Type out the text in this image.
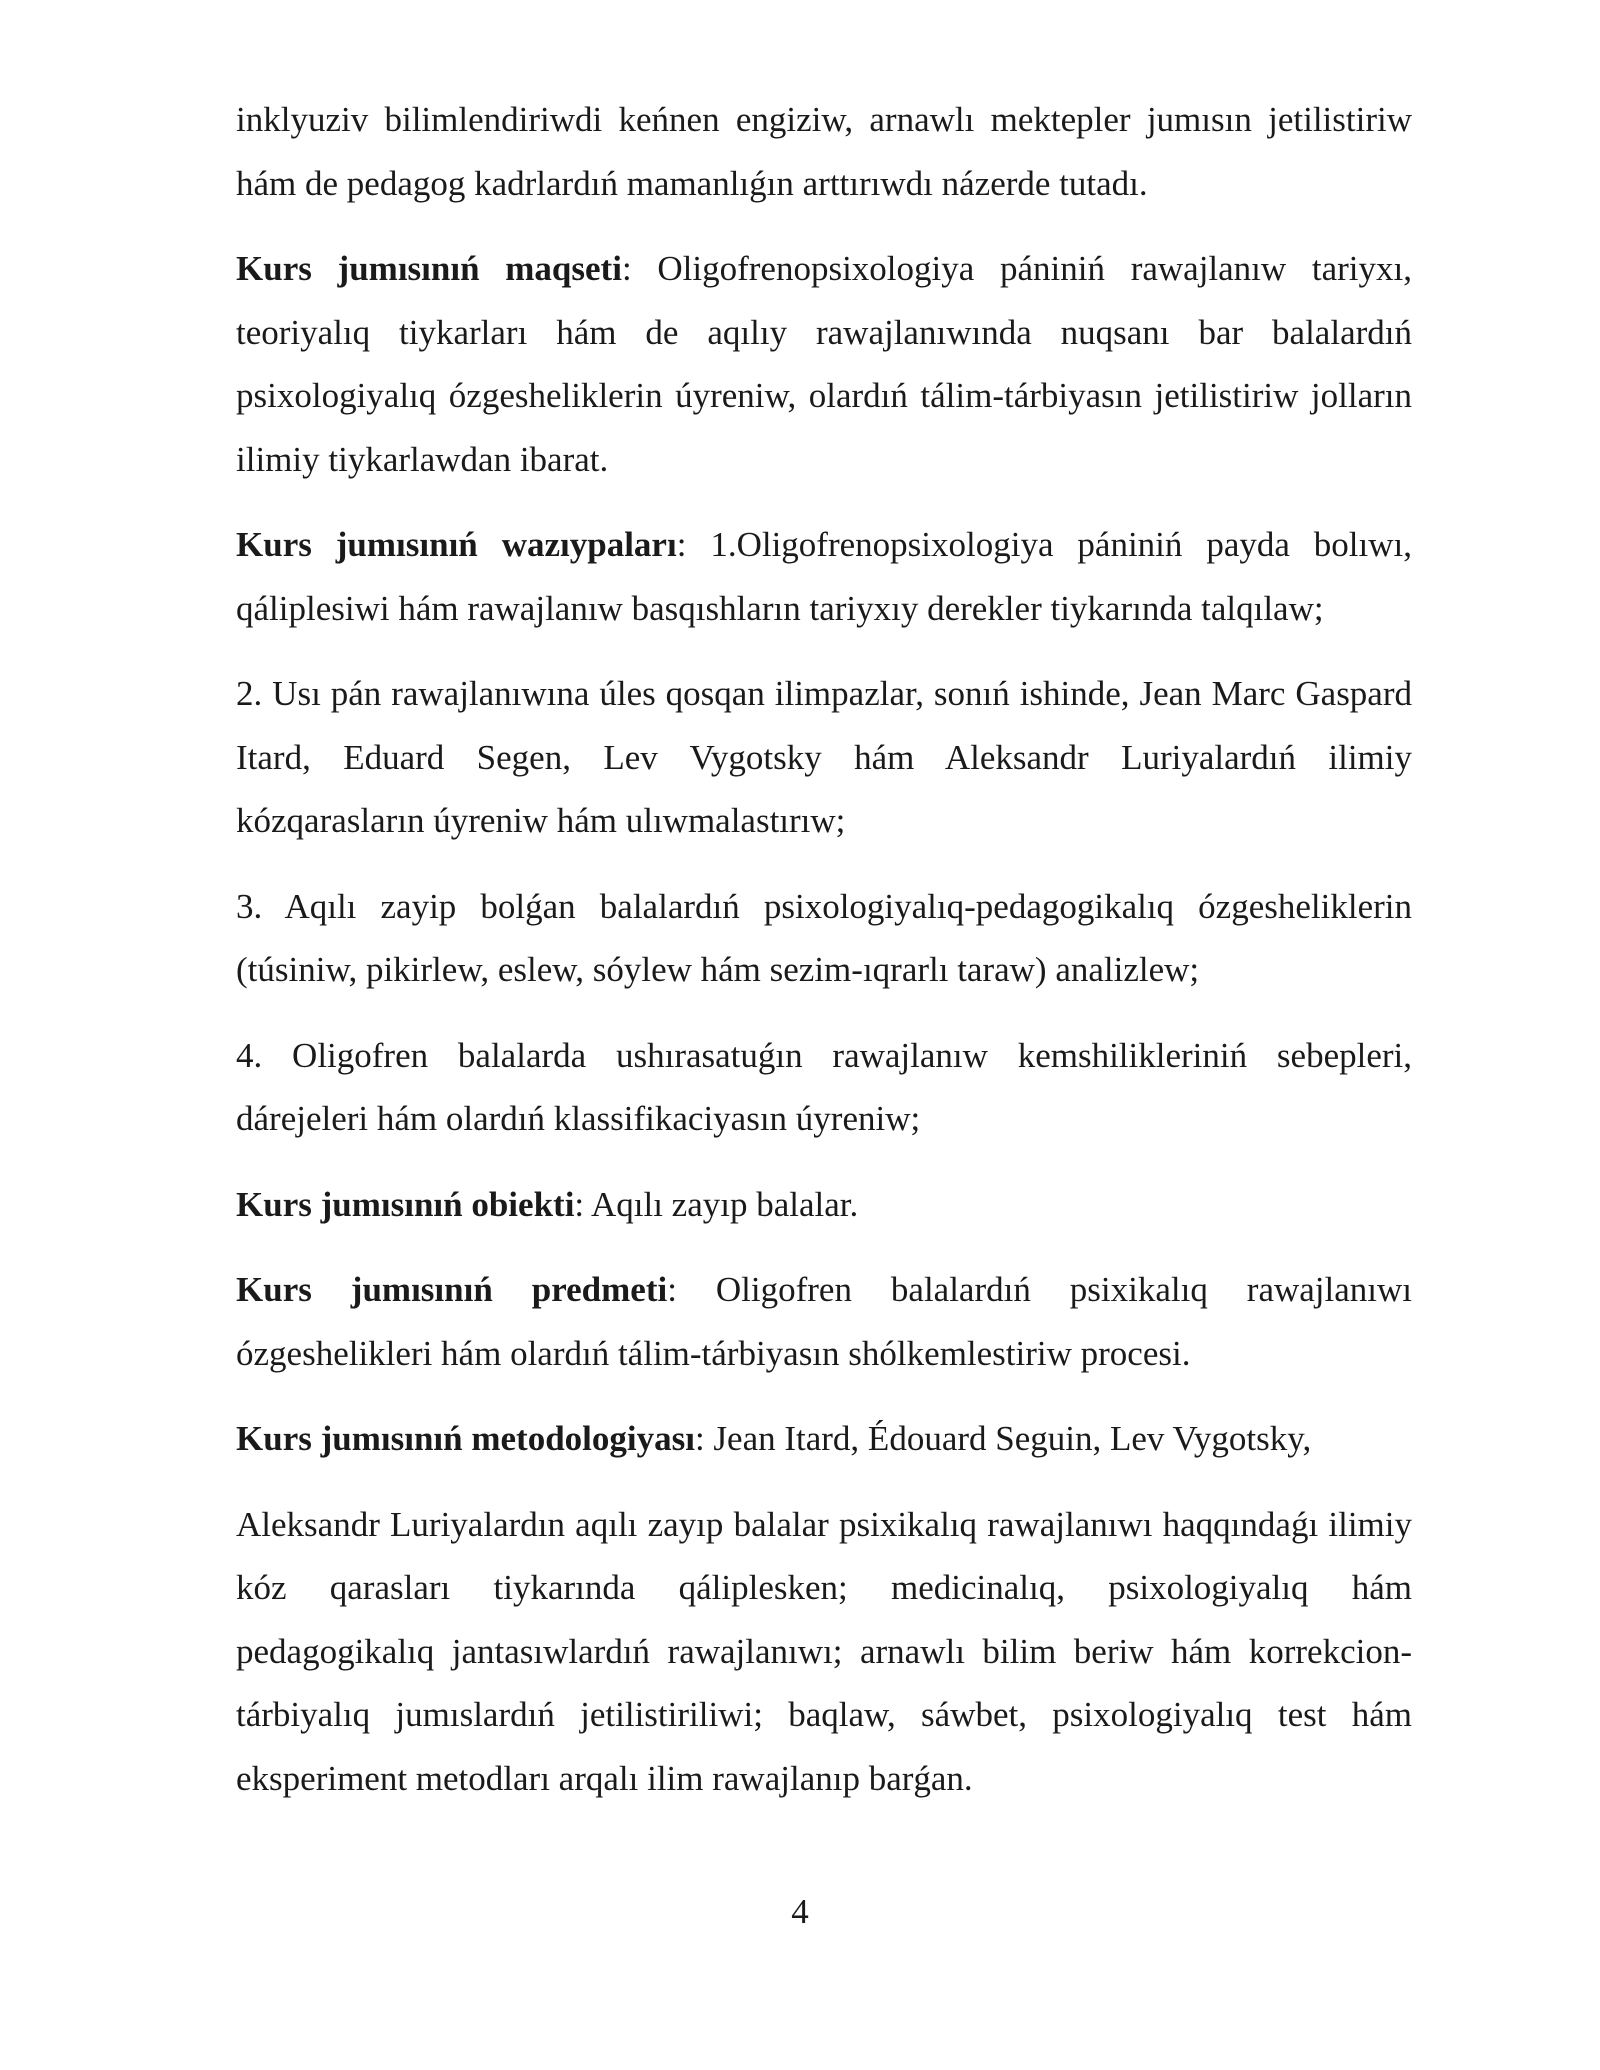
inklyuziv bilimlendiriwdi keńnen engiziw, arnawlı mektepler jumısın jetilistiriw hám de pedagog kadrlardıń mamanlıǵın arttırıwdı názerde tutadı.

Kurs jumısınıń maqseti: Oligofrenopsixologiya pániniń rawajlanıw tariyxı, teoriyalıq tiykarları hám de aqılıy rawajlanıwında nuqsanı bar balalardıń psixologiyalıq ózgesheliklerin úyreniw, olardıń tálim-tárbiyasın jetilistiriw jolların ilimiy tiykarlawdan ibarat.

Kurs jumısınıń wazıypaları: 1.Oligofrenopsixologiya pániniń payda bolıwı, qáliplesiwi hám rawajlanıw basqıshların tariyxıy derekler tiykarında talqılaw;

2. Usı pán rawajlanıwına úles qosqan ilimpazlar, sonıń ishinde, Jean Marc Gaspard Itard, Eduard Segen, Lev Vygotsky hám Aleksandr Luriyalardıń ilimiy kózqarasların úyreniw hám ulıwmalastırıw;

3. Aqılı zayip bolǵan balalardıń psixologiyalıq-pedagogikalıq ózgesheliklerin (túsiniw, pikirlew, eslew, sóylew hám sezim-ıqrarlı taraw) analizlew;

4. Oligofren balalarda ushırasatuǵın rawajlanıw kemshilikleriniń sebepleri, dárejeleri hám olardıń klassifikaciyasın úyreniw;

Kurs jumısınıń obiekti: Aqılı zayıp balalar.

Kurs jumısınıń predmeti: Oligofren balalardıń psixikalıq rawajlanıwı ózgeshelikleri hám olardıń tálim-tárbiyasın shólkemlestiriw procesi.

Kurs jumısınıń metodologiyası: Jean Itard, Édouard Seguin, Lev Vygotsky,

Aleksandr Luriyalardın aqılı zayıp balalar psixikalıq rawajlanıwı haqqındaǵı ilimiy kóz qarasları tiykarında qáliplesken; medicinalıq, psixologiyalıq hám pedagogikalıq jantasıwlardıń rawajlanıwı; arnawlı bilim beriw hám korrekcion-tárbiyalıq jumıslardıń jetilistiriliwi; baqlaw, sáwbet, psixologiyalıq test hám eksperiment metodları arqalı ilim rawajlanıp barǵan.

4
